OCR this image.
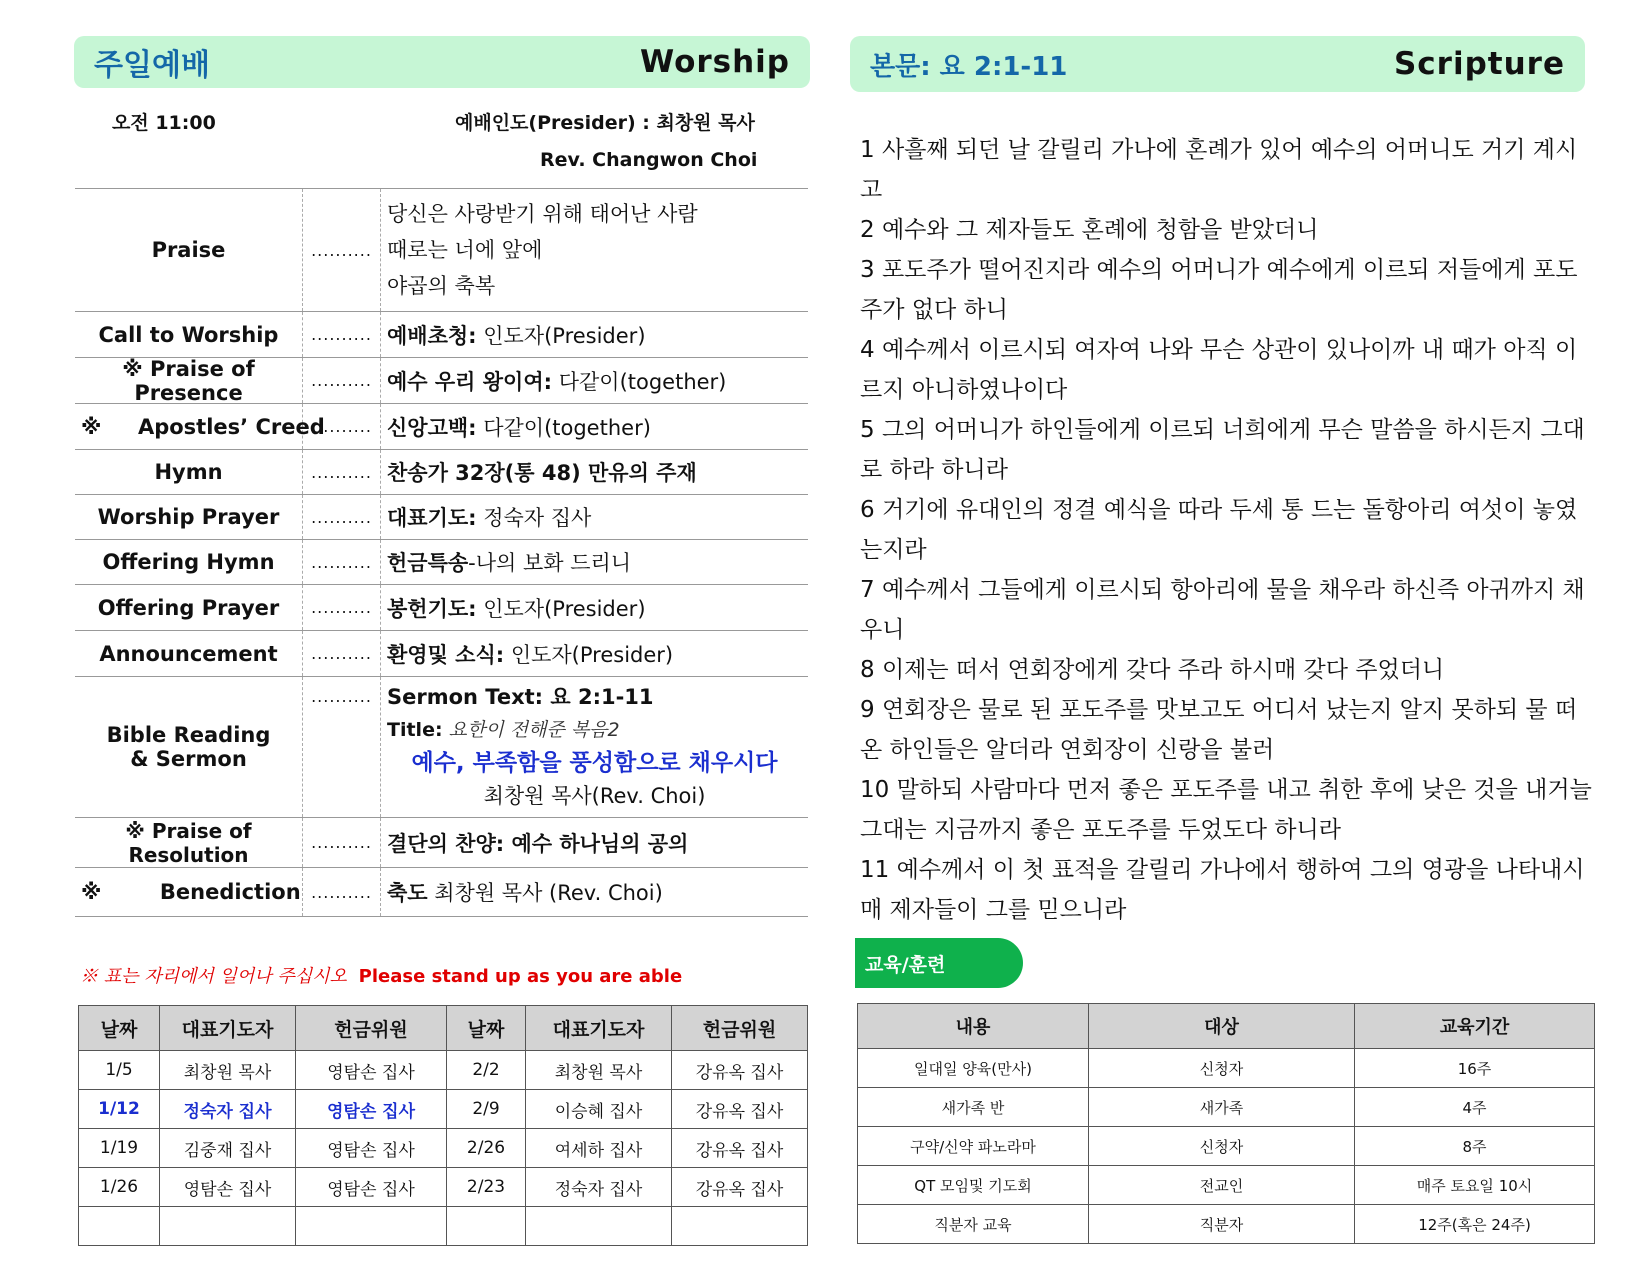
주일예배	Worship
오전 11:00	예배인도(Presider) : 최창원 목사
Rev. Changwon Choi
Praise	..........
당신은 사랑받기 위해 태어난 사람
때로는 너에 앞에
야곱의 축복
Call to Worship	.......... 예배초청: 인도자(Presider)
※ Praise of Presence	.......... 예수 우리 왕이여: 다같이(together)
※     Apostles’ Creed
.......... 신앙고백: 다같이(together)
Hymn	.......... 찬송가 32장(통 48) 만유의 주재
Worship Prayer	.......... 대표기도: 정숙자 집사
Offering Hymn	.......... 헌금특송-나의 보화 드리니
Offering Prayer	.......... 봉헌기도: 인도자(Presider)
Announcement	.......... 환영및 소식: 인도자(Presider)
Bible Reading & Sermon
.......... Sermon Text: 요 2:1-11
Title: 요한이 전해준 복음2
예수, 부족함을 풍성함으로 채우시다
최창원 목사(Rev. Choi)
※ Praise of Resolution	.......... 결단의 찬양: 예수 하나님의 공의
※        Benediction .......... 축도 최창원 목사 (Rev. Choi)
※ 표는 자리에서 일어나 주십시오 Please stand up as you are able
날짜	대표기도자	헌금위원	날짜	대표기도자	헌금위원
1/5	최창원 목사	영탐손 집사	2/2	최창원 목사	강유옥 집사
1/12	정숙자 집사	영탐손 집사	2/9	이승혜 집사	강유옥 집사
1/19	김중재 집사	영탐손 집사	2/26	여세하 집사	강유옥 집사
1/26	영탐손 집사	영탐손 집사	2/23	정숙자 집사	강유옥 집사

본문: 요 2:1-11	Scripture

1 사흘째 되던 날 갈릴리 가나에 혼례가 있어 예수의 어머니도 거기 계시고

2 예수와 그 제자들도 혼례에 청함을 받았더니

3 포도주가 떨어진지라 예수의 어머니가 예수에게 이르되 저들에게 포도주가 없다 하니

4 예수께서 이르시되 여자여 나와 무슨 상관이 있나이까 내 때가 아직 이르지 아니하였나이다

5 그의 어머니가 하인들에게 이르되 너희에게 무슨 말씀을 하시든지 그대로 하라 하니라

6 거기에 유대인의 정결 예식을 따라 두세 통 드는 돌항아리 여섯이 놓였는지라

7 예수께서 그들에게 이르시되 항아리에 물을 채우라 하신즉 아귀까지 채우니

8 이제는 떠서 연회장에게 갖다 주라 하시매 갖다 주었더니

9 연회장은 물로 된 포도주를 맛보고도 어디서 났는지 알지 못하되 물 떠온 하인들은 알더라 연회장이 신랑을 불러

10 말하되 사람마다 먼저 좋은 포도주를 내고 취한 후에 낮은 것을 내거늘 그대는 지금까지 좋은 포도주를 두었도다 하니라

11 예수께서 이 첫 표적을 갈릴리 가나에서 행하여 그의 영광을 나타내시매 제자들이 그를 믿으니라

교육/훈련
내용	대상	교육기간
일대일 양육(만사)	신청자	16주
새가족 반	새가족	4주
구약/신약 파노라마	신청자	8주
QT 모임및 기도회	전교인	매주 토요일 10시
직분자 교육	직분자	12주(혹은 24주)
